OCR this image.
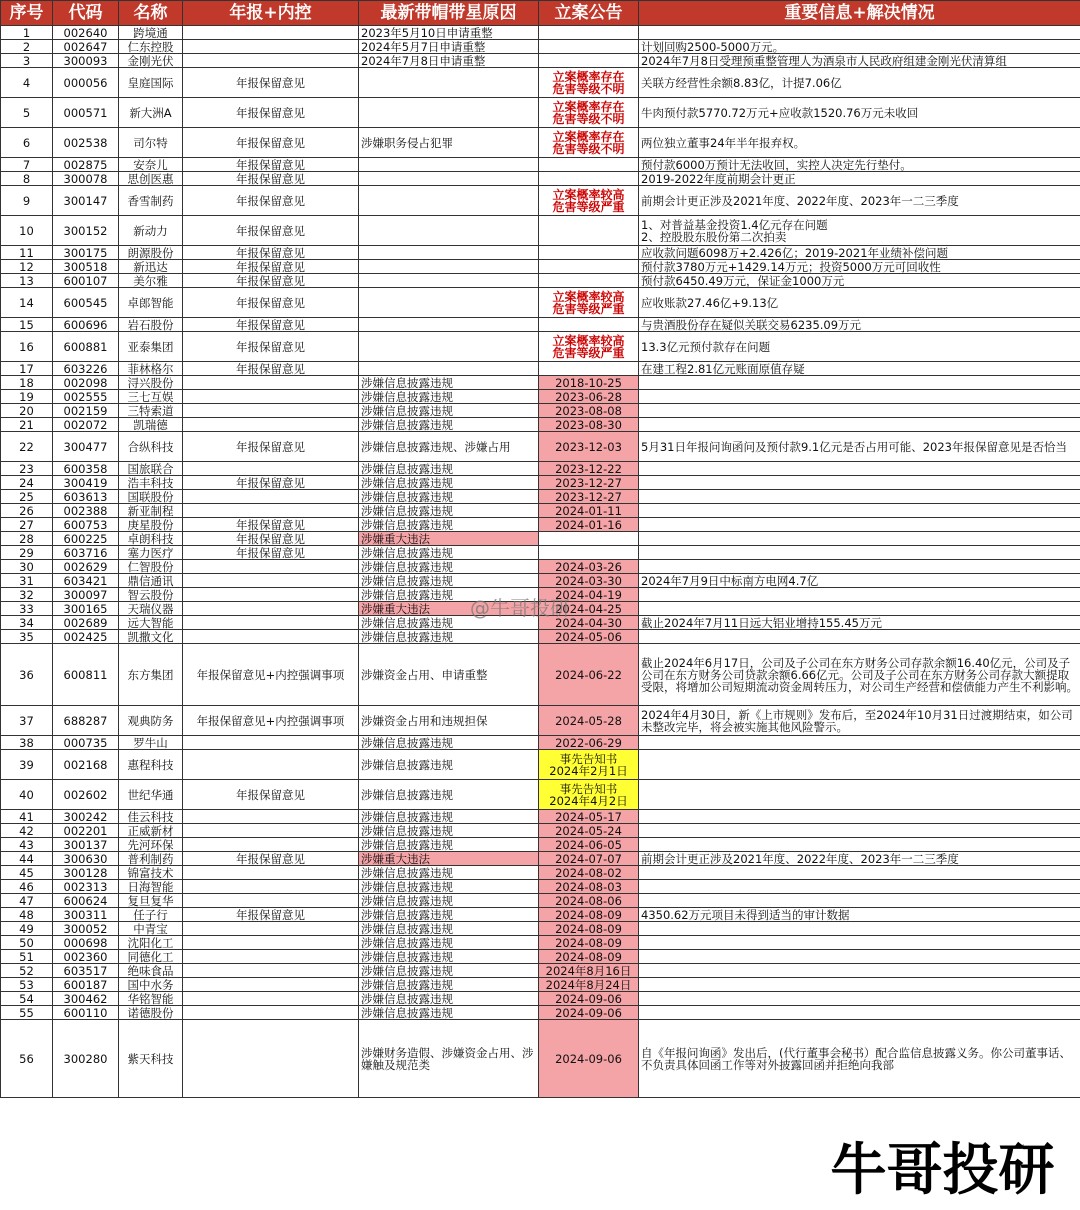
序号	代码	名称	年报+内控	最新带帽带星原因	立案公告	重要信息+解决情况
1	002640	跨境通		2023年5月10日申请重整		
2	002647	仁东控股		2024年5月7日申请重整		计划回购2500-5000万元。
3	300093	金刚光伏		2024年7月8日申请重整		2024年7月8日受理预重整管理人为酒泉市人民政府组建金刚光伏清算组
4	000056	皇庭国际	年报保留意见		立案概率存在
危害等级不明	关联方经营性余额8.83亿，计提7.06亿
5	000571	新大洲A	年报保留意见		立案概率存在
危害等级不明	牛肉预付款5770.72万元+应收款1520.76万元未收回
6	002538	司尔特	年报保留意见	涉嫌职务侵占犯罪	立案概率存在
危害等级不明	两位独立董事24年半年报弃权。
7	002875	安奈儿	年报保留意见			预付款6000万预计无法收回，实控人决定先行垫付。
8	300078	思创医惠	年报保留意见			2019-2022年度前期会计更正
9	300147	香雪制药	年报保留意见		立案概率较高
危害等级严重	前期会计更正涉及2021年度、2022年度、2023年一二三季度
10	300152	新动力	年报保留意见			1、对普益基金投资1.4亿元存在问题
2、控股股东股份第二次拍卖
11	300175	朗源股份	年报保留意见			应收款问题6098万+2.426亿；2019-2021年业绩补偿问题
12	300518	新迅达	年报保留意见			预付款3780万元+1429.14万元；投资5000万元可回收性
13	600107	美尔雅	年报保留意见			预付款6450.49万元，保证金1000万元
14	600545	卓郎智能	年报保留意见		立案概率较高
危害等级严重	应收账款27.46亿+9.13亿
15	600696	岩石股份	年报保留意见			与贵酒股份存在疑似关联交易6235.09万元
16	600881	亚泰集团	年报保留意见		立案概率较高
危害等级严重	13.3亿元预付款存在问题
17	603226	菲林格尔	年报保留意见			在建工程2.81亿元账面原值存疑
18	002098	浔兴股份		涉嫌信息披露违规	2018-10-25	
19	002555	三七互娱		涉嫌信息披露违规	2023-06-28	
20	002159	三特索道		涉嫌信息披露违规	2023-08-08	
21	002072	凯瑞德		涉嫌信息披露违规	2023-08-30	
22	300477	合纵科技	年报保留意见	涉嫌信息披露违规、涉嫌占用	2023-12-03	5月31日年报问询函问及预付款9.1亿元是否占用可能、2023年报保留意见是否恰当
23	600358	国旅联合		涉嫌信息披露违规	2023-12-22	
24	300419	浩丰科技	年报保留意见	涉嫌信息披露违规	2023-12-27	
25	603613	国联股份		涉嫌信息披露违规	2023-12-27	
26	002388	新亚制程		涉嫌信息披露违规	2024-01-11	
27	600753	庚星股份	年报保留意见	涉嫌信息披露违规	2024-01-16	
28	600225	卓朗科技	年报保留意见	涉嫌重大违法		
29	603716	塞力医疗	年报保留意见	涉嫌信息披露违规		
30	002629	仁智股份		涉嫌信息披露违规	2024-03-26	
31	603421	鼎信通讯		涉嫌信息披露违规	2024-03-30	2024年7月9日中标南方电网4.7亿
32	300097	智云股份		涉嫌信息披露违规	2024-04-19	
33	300165	天瑞仪器		涉嫌重大违法	2024-04-25	
34	002689	远大智能		涉嫌信息披露违规	2024-04-30	截止2024年7月11日远大铝业增持155.45万元
35	002425	凯撒文化		涉嫌信息披露违规	2024-05-06	
36	600811	东方集团	年报保留意见+内控强调事项	涉嫌资金占用、申请重整	2024-06-22	截止2024年6月17日，公司及子公司在东方财务公司存款余额16.40亿元，公司及子公司在东方财务公司贷款余额6.66亿元。公司及子公司在东方财务公司存款大额提取受限，将增加公司短期流动资金周转压力，对公司生产经营和偿债能力产生不利影响。
37	688287	观典防务	年报保留意见+内控强调事项	涉嫌资金占用和违规担保	2024-05-28	2024年4月30日，新《上市规则》发布后，至2024年10月31日过渡期结束，如公司未整改完毕，将会被实施其他风险警示。
38	000735	罗牛山		涉嫌信息披露违规	2022-06-29	
39	002168	惠程科技		涉嫌信息披露违规	事先告知书
2024年2月1日	
40	002602	世纪华通	年报保留意见	涉嫌信息披露违规	事先告知书
2024年4月2日	
41	300242	佳云科技		涉嫌信息披露违规	2024-05-17	
42	002201	正威新材		涉嫌信息披露违规	2024-05-24	
43	300137	先河环保		涉嫌信息披露违规	2024-06-05	
44	300630	普利制药	年报保留意见	涉嫌重大违法	2024-07-07	前期会计更正涉及2021年度、2022年度、2023年一二三季度
45	300128	锦富技术		涉嫌信息披露违规	2024-08-02	
46	002313	日海智能		涉嫌信息披露违规	2024-08-03	
47	600624	复旦复华		涉嫌信息披露违规	2024-08-06	
48	300311	任子行	年报保留意见	涉嫌信息披露违规	2024-08-09	4350.62万元项目未得到适当的审计数据
49	300052	中青宝		涉嫌信息披露违规	2024-08-09	
50	000698	沈阳化工		涉嫌信息披露违规	2024-08-09	
51	002360	同德化工		涉嫌信息披露违规	2024-08-09	
52	603517	绝味食品		涉嫌信息披露违规	2024年8月16日	
53	600187	国中水务		涉嫌信息披露违规	2024年8月24日	
54	300462	华铭智能		涉嫌信息披露违规	2024-09-06	
55	600110	诺德股份		涉嫌信息披露违规	2024-09-06	
56	300280	紫天科技		涉嫌财务造假、涉嫌资金占用、涉嫌触及规范类	2024-09-06	自《年报问询函》发出后，(代行董事会秘书）配合监信息披露义务。你公司董事话、不负责具体回函工作等对外披露回函并拒绝向我部
@牛哥投研
牛哥投研
